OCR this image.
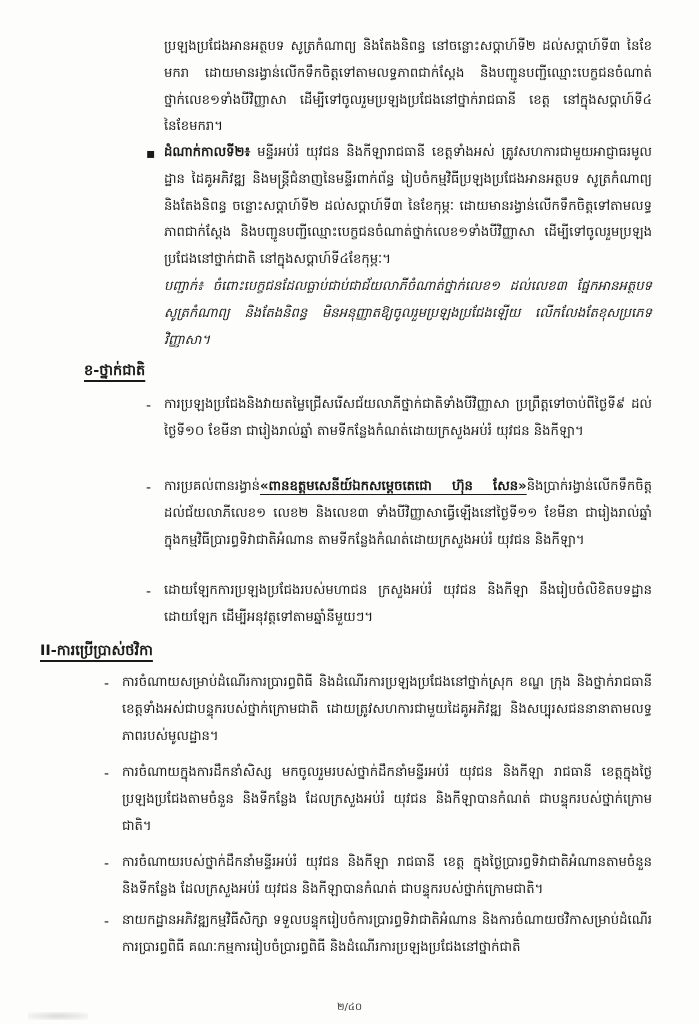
ប្រឡងប្រជែងអានអត្ថបទ សូត្រកំណាព្យ និងតែងនិពន្ធ នៅចន្លោះសប្តាហ៍ទី២ ដល់សប្តាហ៍ទី៣ នៃខែមករា ដោយមានរង្វាន់លើកទឹកចិត្តទៅតាមលទ្ធភាពជាក់ស្តែង និងបញ្ជូនបញ្ជីឈ្មោះបេក្ខជនចំណាត់ថ្នាក់លេខ១ទាំងបីវិញ្ញាសា ដើម្បីទៅចូលរួមប្រឡងប្រជែងនៅថ្នាក់រាជធានី ខេត្ត នៅក្នុងសប្តាហ៍ទី៤ នៃខែមករា។

▪ ដំណាក់កាលទី២៖ មន្ទីរអប់រំ យុវជន និងកីឡារាជធានី ខេត្តទាំងអស់ ត្រូវសហការជាមួយអាជ្ញាធរមូលដ្ឋាន ដៃគូអភិវឌ្ឍ និងមន្ត្រីជំនាញនៃមន្ទីរពាក់ព័ន្ធ រៀបចំកម្មវិធីប្រឡងប្រជែងអានអត្ថបទ សូត្រកំណាព្យ និងតែងនិពន្ធ ចន្លោះសប្តាហ៍ទី២ ដល់សប្តាហ៍ទី៣ នៃខែកុម្ភៈ ដោយមានរង្វាន់លើកទឹកចិត្តទៅតាមលទ្ធភាពជាក់ស្តែង និងបញ្ជូនបញ្ជីឈ្មោះបេក្ខជនចំណាត់ថ្នាក់លេខ១ទាំងបីវិញ្ញាសា ដើម្បីទៅចូលរួមប្រឡងប្រជែងនៅថ្នាក់ជាតិ នៅក្នុងសប្តាហ៍ទី៤ខែកុម្ភៈ។

បញ្ជាក់៖ ចំពោះបេក្ខជនដែលធ្លាប់ជាប់ជាជ័យលាភីចំណាត់ថ្នាក់លេខ១ ដល់លេខ៣ ផ្នែកអានអត្ថបទ សូត្រកំណាព្យ និងតែងនិពន្ធ មិនអនុញ្ញាតឱ្យចូលរួមប្រឡងប្រជែងឡើយ លើកលែងតែខុសប្រភេទវិញ្ញាសា។

ខ-ថ្នាក់ជាតិ
- ការប្រឡងប្រជែងនិងវាយតម្លៃជ្រើសរើសជ័យលាភីថ្នាក់ជាតិទាំងបីវិញ្ញាសា ប្រព្រឹត្តទៅចាប់ពីថ្ងៃទី៩ ដល់ថ្ងៃទី១០ ខែមីនា ជារៀងរាល់ឆ្នាំ តាមទីកន្លែងកំណត់ដោយក្រសួងអប់រំ យុវជន និងកីឡា។

- ការប្រគល់ពានរង្វាន់«ពានឧត្តមសេនីយ៍ឯកសម្តេចតេជោ ហ៊ុន សែន»និងប្រាក់រង្វាន់លើកទឹកចិត្តដល់ជ័យលាភីលេខ១ លេខ២ និងលេខ៣ ទាំងបីវិញ្ញាសាធ្វើឡើងនៅថ្ងៃទី១១ ខែមីនា ជារៀងរាល់ឆ្នាំក្នុងកម្មវិធីប្រារព្ធទិវាជាតិអំណាន តាមទីកន្លែងកំណត់ដោយក្រសួងអប់រំ យុវជន និងកីឡា។

- ដោយឡែកការប្រឡងប្រជែងរបស់មហាជន ក្រសួងអប់រំ យុវជន និងកីឡា នឹងរៀបចំលិខិតបទដ្ឋានដោយឡែក ដើម្បីអនុវត្តទៅតាមឆ្នាំនីមួយៗ។

II-ការប្រើប្រាស់ថវិកា
- ការចំណាយសម្រាប់ដំណើរការប្រារព្ធពិធី និងដំណើរការប្រឡងប្រជែងនៅថ្នាក់ស្រុក ខណ្ឌ ក្រុង និងថ្នាក់រាជធានី ខេត្តទាំងអស់ជាបន្ទុករបស់ថ្នាក់ក្រោមជាតិ ដោយត្រូវសហការជាមួយដៃគូអភិវឌ្ឍ និងសប្បុរសជននានាតាមលទ្ធភាពរបស់មូលដ្ឋាន។

- ការចំណាយក្នុងការដឹកនាំសិស្ស មកចូលរួមរបស់ថ្នាក់ដឹកនាំមន្ទីរអប់រំ យុវជន និងកីឡា រាជធានី ខេត្តក្នុងថ្ងៃប្រឡងប្រជែងតាមចំនួន និងទីកន្លែង ដែលក្រសួងអប់រំ យុវជន និងកីឡាបានកំណត់ ជាបន្ទុករបស់ថ្នាក់ក្រោមជាតិ។

- ការចំណាយរបស់ថ្នាក់ដឹកនាំមន្ទីរអប់រំ យុវជន និងកីឡា រាជធានី ខេត្ត ក្នុងថ្ងៃប្រារព្ធទិវាជាតិអំណានតាមចំនួន និងទីកន្លែង ដែលក្រសួងអប់រំ យុវជន និងកីឡាបានកំណត់ ជាបន្ទុករបស់ថ្នាក់ក្រោមជាតិ។

- នាយកដ្ឋានអភិវឌ្ឍកម្មវិធីសិក្សា ទទួលបន្ទុករៀបចំការប្រារព្ធទិវាជាតិអំណាន និងការចំណាយថវិកាសម្រាប់ដំណើរការប្រារព្ធពិធី គណៈកម្មការរៀបចំប្រារព្ធពិធី និងដំណើរការប្រឡងប្រជែងនៅថ្នាក់ជាតិ

២/៤០
